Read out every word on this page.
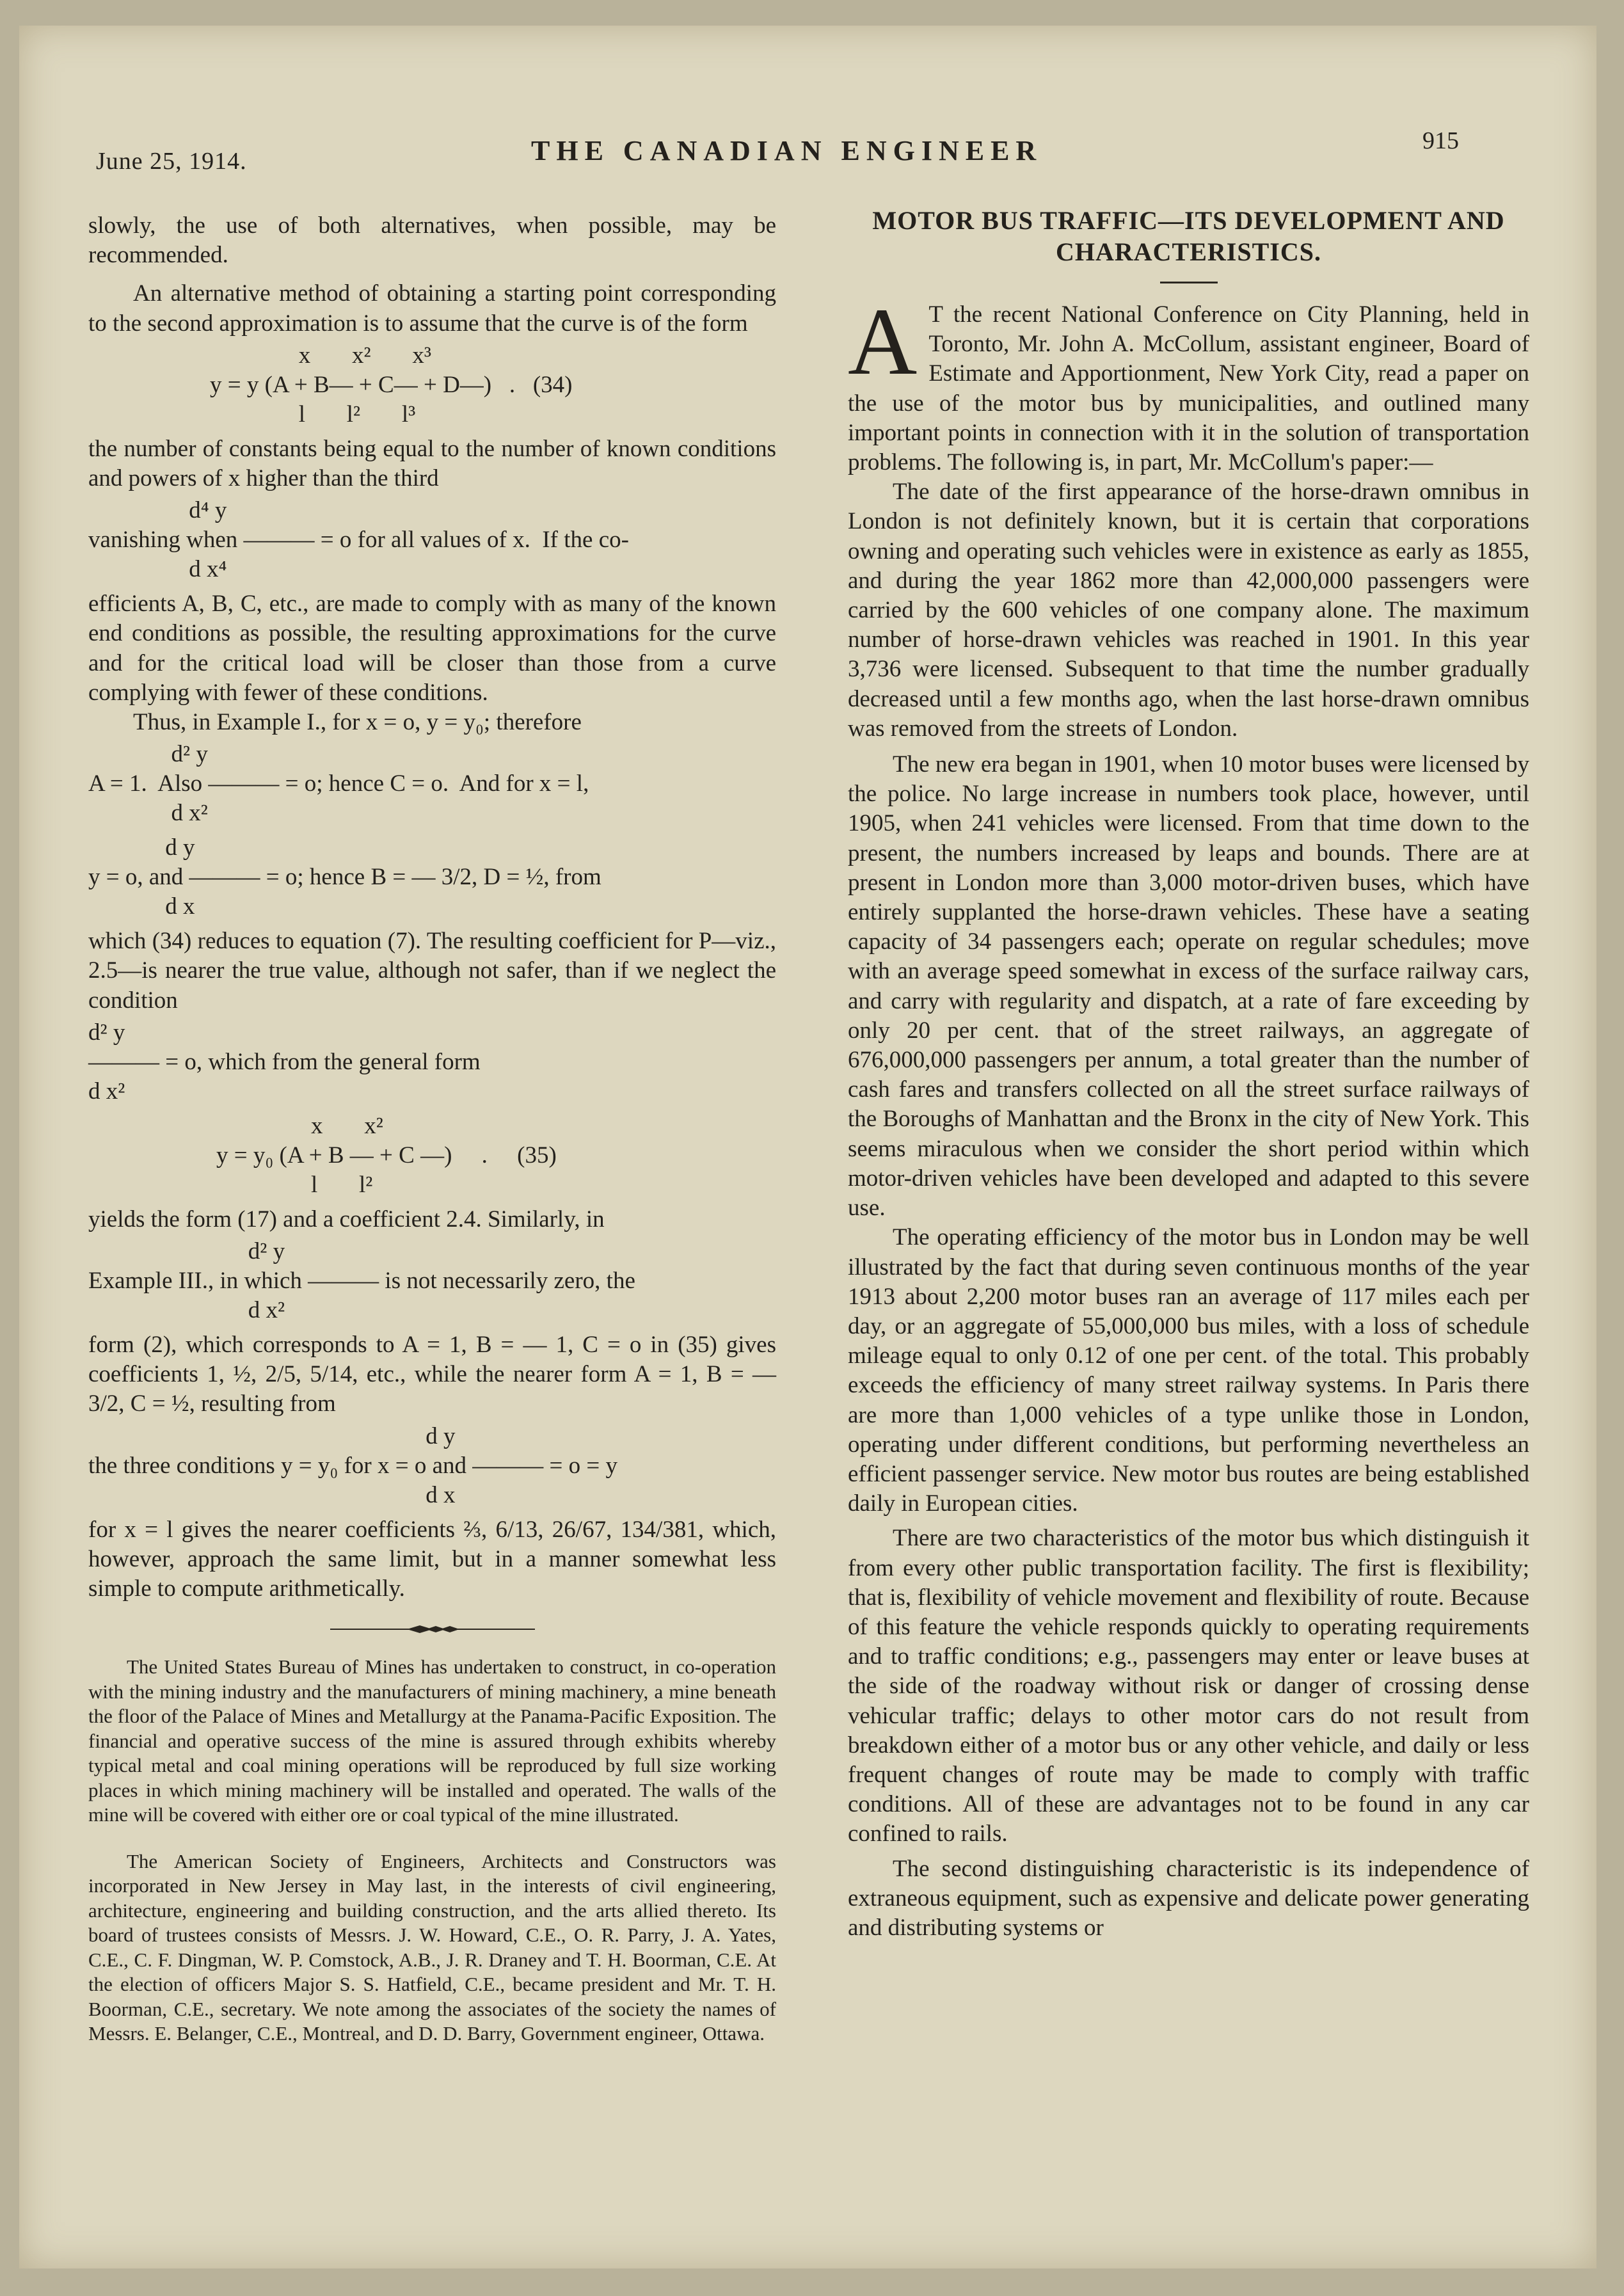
June 25, 1914.	THE CANADIAN ENGINEER	915

slowly, the use of both alternatives, when possible, may be recommended.

An alternative method of obtaining a starting point corresponding to the second approximation is to assume that the curve is of the form

x       x²       x³
y = y (A + B— + C— + D—)   .   (34)
l       l²       l³

the number of constants being equal to the number of known conditions and powers of x higher than the third

d⁴ y
vanishing when ——— = o for all values of x.  If the co-
d x⁴

efficients A, B, C, etc., are made to comply with as many of the known end conditions as possible, the resulting approximations for the curve and for the critical load will be closer than those from a curve complying with fewer of these conditions.

Thus, in Example I., for x = o, y = y₀; therefore

d² y
A = 1.  Also ——— = o; hence C = o.  And for x = l,
d x²
d y
y = o, and ——— = o; hence B = — 3/2, D = ½, from
d x

which (34) reduces to equation (7). The resulting coefficient for P—viz., 2.5—is nearer the true value, although not safer, than if we neglect the condition

d² y
——— = o, which from the general form
d x²
x       x²
y = y₀ (A + B — + C —)     .     (35)
l       l²

yields the form (17) and a coefficient 2.4. Similarly, in

d² y
Example III., in which ——— is not necessarily zero, the
d x²

form (2), which corresponds to A = 1, B = — 1, C = o in (35) gives coefficients 1, ½, 2/5, 5/14, etc., while the nearer form A = 1, B = — 3/2, C = ½, resulting from

d y
the three conditions y = y₀ for x = o and ——— = o = y
d x

for x = l gives the nearer coefficients ⅔, 6/13, 26/67, 134/381, which, however, approach the same limit, but in a manner somewhat less simple to compute arithmetically.

The United States Bureau of Mines has undertaken to construct, in co-operation with the mining industry and the manufacturers of mining machinery, a mine beneath the floor of the Palace of Mines and Metallurgy at the Panama-Pacific Exposition. The financial and operative success of the mine is assured through exhibits whereby typical metal and coal mining operations will be reproduced by full size working places in which mining machinery will be installed and operated. The walls of the mine will be covered with either ore or coal typical of the mine illustrated.

The American Society of Engineers, Architects and Constructors was incorporated in New Jersey in May last, in the interests of civil engineering, architecture, engineering and building construction, and the arts allied thereto. Its board of trustees consists of Messrs. J. W. Howard, C.E., O. R. Parry, J. A. Yates, C.E., C. F. Dingman, W. P. Comstock, A.B., J. R. Draney and T. H. Boorman, C.E. At the election of officers Major S. S. Hatfield, C.E., became president and Mr. T. H. Boorman, C.E., secretary. We note among the associates of the society the names of Messrs. E. Belanger, C.E., Montreal, and D. D. Barry, Government engineer, Ottawa.

MOTOR BUS TRAFFIC—ITS DEVELOPMENT AND
CHARACTERISTICS.

A T the recent National Conference on City Planning, held in Toronto, Mr. John A. McCollum, assistant engineer, Board of Estimate and Apportionment, New York City, read a paper on the use of the motor bus by municipalities, and outlined many important points in connection with it in the solution of transportation problems. The following is, in part, Mr. McCollum's paper:—

The date of the first appearance of the horse-drawn omnibus in London is not definitely known, but it is certain that corporations owning and operating such vehicles were in existence as early as 1855, and during the year 1862 more than 42,000,000 passengers were carried by the 600 vehicles of one company alone. The maximum number of horse-drawn vehicles was reached in 1901. In this year 3,736 were licensed. Subsequent to that time the number gradually decreased until a few months ago, when the last horse-drawn omnibus was removed from the streets of London.

The new era began in 1901, when 10 motor buses were licensed by the police. No large increase in numbers took place, however, until 1905, when 241 vehicles were licensed. From that time down to the present, the numbers increased by leaps and bounds. There are at present in London more than 3,000 motor-driven buses, which have entirely supplanted the horse-drawn vehicles. These have a seating capacity of 34 passengers each; operate on regular schedules; move with an average speed somewhat in excess of the surface railway cars, and carry with regularity and dispatch, at a rate of fare exceeding by only 20 per cent. that of the street railways, an aggregate of 676,000,000 passengers per annum, a total greater than the number of cash fares and transfers collected on all the street surface railways of the Boroughs of Manhattan and the Bronx in the city of New York. This seems miraculous when we consider the short period within which motor-driven vehicles have been developed and adapted to this severe use.

The operating efficiency of the motor bus in London may be well illustrated by the fact that during seven continuous months of the year 1913 about 2,200 motor buses ran an average of 117 miles each per day, or an aggregate of 55,000,000 bus miles, with a loss of schedule mileage equal to only 0.12 of one per cent. of the total. This probably exceeds the efficiency of many street railway systems. In Paris there are more than 1,000 vehicles of a type unlike those in London, operating under different conditions, but performing nevertheless an efficient passenger service. New motor bus routes are being established daily in European cities.

There are two characteristics of the motor bus which distinguish it from every other public transportation facility. The first is flexibility; that is, flexibility of vehicle movement and flexibility of route. Because of this feature the vehicle responds quickly to operating requirements and to traffic conditions; e.g., passengers may enter or leave buses at the side of the roadway without risk or danger of crossing dense vehicular traffic; delays to other motor cars do not result from breakdown either of a motor bus or any other vehicle, and daily or less frequent changes of route may be made to comply with traffic conditions. All of these are advantages not to be found in any car confined to rails.

The second distinguishing characteristic is its independence of extraneous equipment, such as expensive and delicate power generating and distributing systems or
